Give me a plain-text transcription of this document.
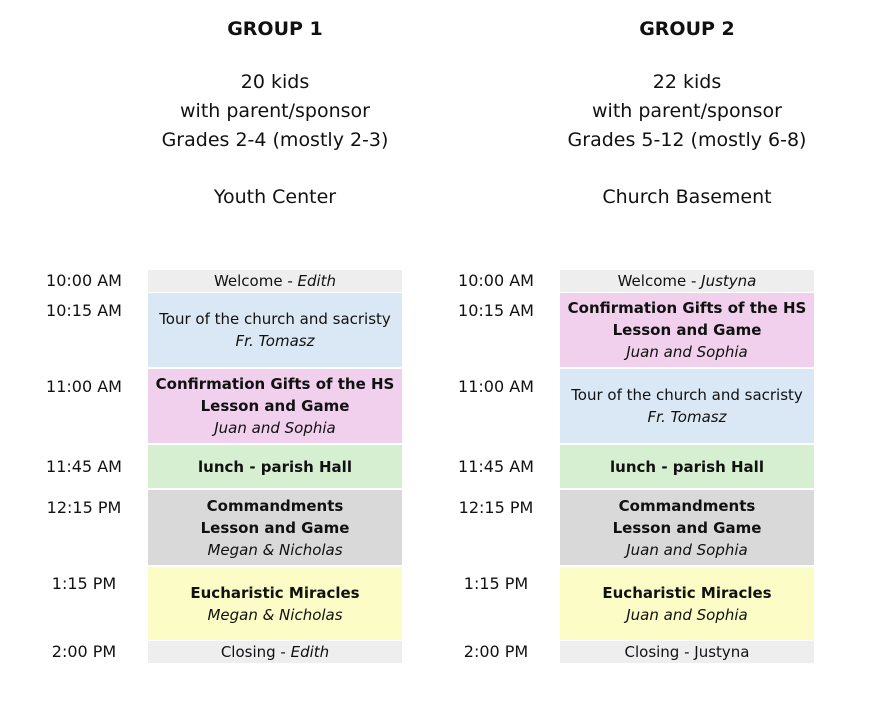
GROUP 1
20 kids
with parent/sponsor
Grades 2-4 (mostly 2-3)
Youth Center
GROUP 2
22 kids
with parent/sponsor
Grades 5-12 (mostly 6-8)
Church Basement
10:00 AM	Welcome - Edith
10:15 AM	Tour of the church and sacristy
Fr. Tomasz
11:00 AM	Confirmation Gifts of the HS
Lesson and Game
Juan and Sophia
11:45 AM	lunch - parish Hall
12:15 PM	Commandments
Lesson and Game
Megan & Nicholas
1:15 PM	Eucharistic Miracles
Megan & Nicholas
2:00 PM	Closing - Edith
10:00 AM	Welcome - Justyna
10:15 AM	Confirmation Gifts of the HS
Lesson and Game
Juan and Sophia
11:00 AM	Tour of the church and sacristy
Fr. Tomasz
11:45 AM	lunch - parish Hall
12:15 PM	Commandments
Lesson and Game
Juan and Sophia
1:15 PM	Eucharistic Miracles
Juan and Sophia
2:00 PM	Closing - Justyna
